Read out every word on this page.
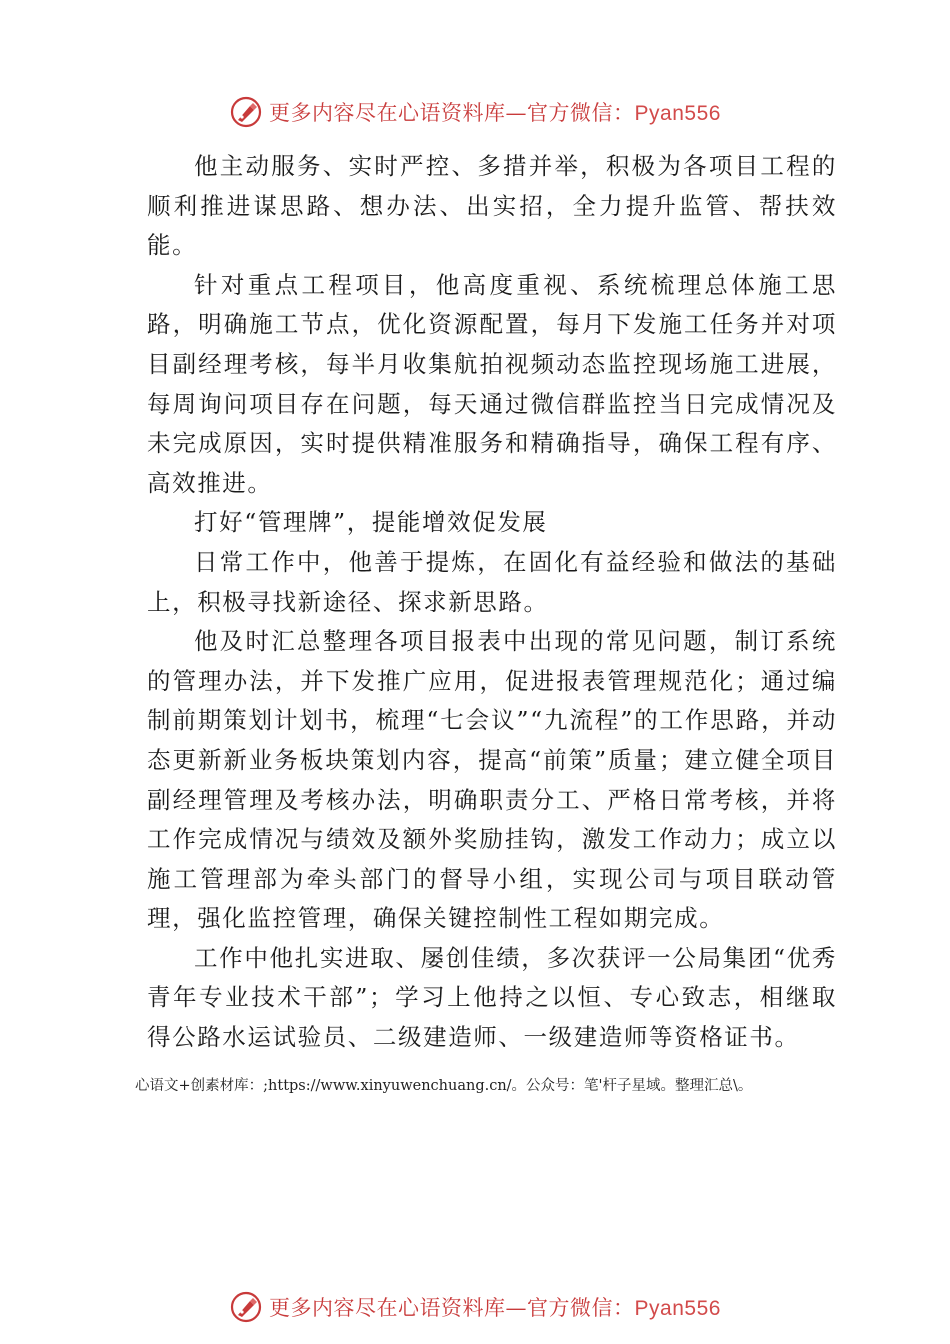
更多内容尽在心语资料库—官方微信：Pyan556

他主动服务、实时严控、多措并举，积极为各项目工程的顺利推进谋思路、想办法、出实招，全力提升监管、帮扶效能。

针对重点工程项目，他高度重视、系统梳理总体施工思路，明确施工节点，优化资源配置，每月下发施工任务并对项目副经理考核，每半月收集航拍视频动态监控现场施工进展，每周询问项目存在问题，每天通过微信群监控当日完成情况及未完成原因，实时提供精准服务和精确指导，确保工程有序、高效推进。

打好“管理牌”，提能增效促发展

日常工作中，他善于提炼，在固化有益经验和做法的基础上，积极寻找新途径、探求新思路。

他及时汇总整理各项目报表中出现的常见问题，制订系统的管理办法，并下发推广应用，促进报表管理规范化；通过编制前期策划计划书，梳理“七会议”“九流程”的工作思路，并动态更新新业务板块策划内容，提高“前策”质量；建立健全项目副经理管理及考核办法，明确职责分工、严格日常考核，并将工作完成情况与绩效及额外奖励挂钩，激发工作动力；成立以施工管理部为牵头部门的督导小组，实现公司与项目联动管理，强化监控管理，确保关键控制性工程如期完成。

工作中他扎实进取、屡创佳绩，多次获评一公局集团“优秀青年专业技术干部”；学习上他持之以恒、专心致志，相继取得公路水运试验员、二级建造师、一级建造师等资格证书。

心语文+创素材库：;https://www.xinyuwenchuang.cn/。公众号：笔'杆子星域。整理汇总\。
更多内容尽在心语资料库—官方微信：Pyan556
